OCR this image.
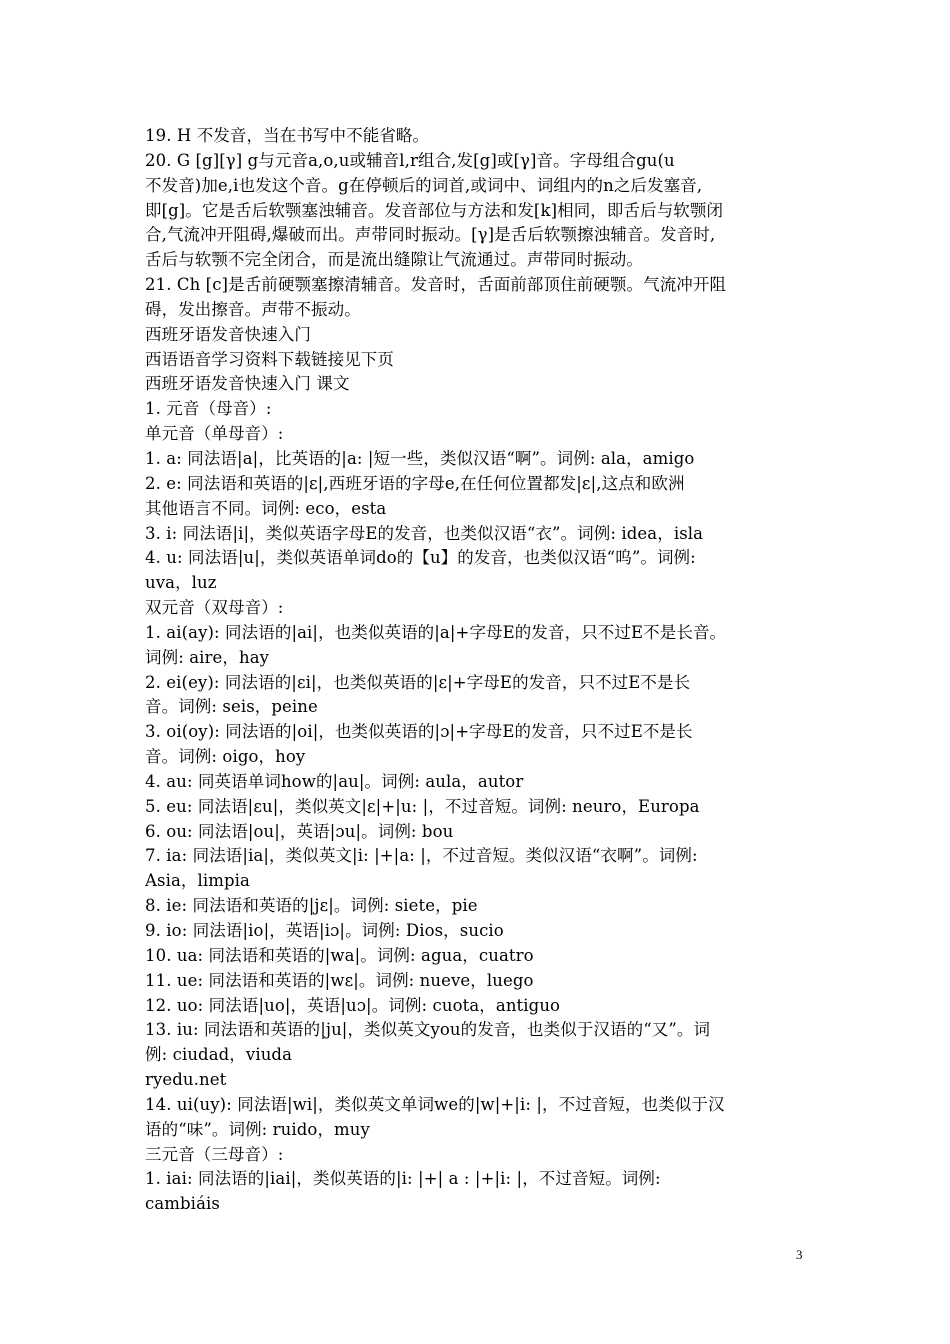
19. H 不发音，当在书写中不能省略。
20. G [g][γ] g与元音a,o,u或辅音l,r组合,发[g]或[γ]音。字母组合gu(u
不发音)加e,i也发这个音。g在停顿后的词首,或词中、词组内的n之后发塞音,
即[g]。它是舌后软颚塞浊辅音。发音部位与方法和发[k]相同，即舌后与软颚闭
合,气流冲开阻碍,爆破而出。声带同时振动。[γ]是舌后软颚擦浊辅音。发音时,
舌后与软颚不完全闭合，而是流出缝隙让气流通过。声带同时振动。
21. Ch [c]是舌前硬颚塞擦清辅音。发音时，舌面前部顶住前硬颚。气流冲开阻
碍，发出擦音。声带不振动。
西班牙语发音快速入门
西语语音学习资料下载链接见下页
西班牙语发音快速入门 课文
1. 元音（母音）:
单元音（单母音）:
1. a: 同法语|a|，比英语的|a: |短一些，类似汉语“啊”。词例: ala，amigo
2. e: 同法语和英语的|ε|,西班牙语的字母e,在任何位置都发|ε|,这点和欧洲
其他语言不同。词例: eco，esta
3. i: 同法语|i|，类似英语字母E的发音，也类似汉语“衣”。词例: idea，isla
4. u: 同法语|u|，类似英语单词do的【u】的发音，也类似汉语“呜”。词例:
uva，luz
双元音（双母音）:
1. ai(ay): 同法语的|ai|，也类似英语的|a|+字母E的发音，只不过E不是长音。
词例: aire，hay
2. ei(ey): 同法语的|εi|，也类似英语的|ε|+字母E的发音，只不过E不是长
音。词例: seis，peine
3. oi(oy): 同法语的|oi|，也类似英语的|ɔ|+字母E的发音，只不过E不是长
音。词例: oigo，hoy
4. au: 同英语单词how的|au|。词例: aula，autor
5. eu: 同法语|εu|，类似英文|ε|+|u: |，不过音短。词例: neuro，Europa
6. ou: 同法语|ou|，英语|ɔu|。词例: bou
7. ia: 同法语|ia|，类似英文|i: |+|a: |，不过音短。类似汉语“衣啊”。词例:
Asia，limpia
8. ie: 同法语和英语的|jε|。词例: siete，pie
9. io: 同法语|io|，英语|iɔ|。词例: Dios，sucio
10. ua: 同法语和英语的|wa|。词例: agua，cuatro
11. ue: 同法语和英语的|wε|。词例: nueve，luego
12. uo: 同法语|uo|，英语|uɔ|。词例: cuota，antiguo
13. iu: 同法语和英语的|ju|，类似英文you的发音，也类似于汉语的“又”。词
例: ciudad，viuda
ryedu.net
14. ui(uy): 同法语|wi|，类似英文单词we的|w|+|i: |，不过音短，也类似于汉
语的“味”。词例: ruido，muy
三元音（三母音）:
1. iai: 同法语的|iai|，类似英语的|i: |+| a : |+|i: |，不过音短。词例:
cambiáis
3
